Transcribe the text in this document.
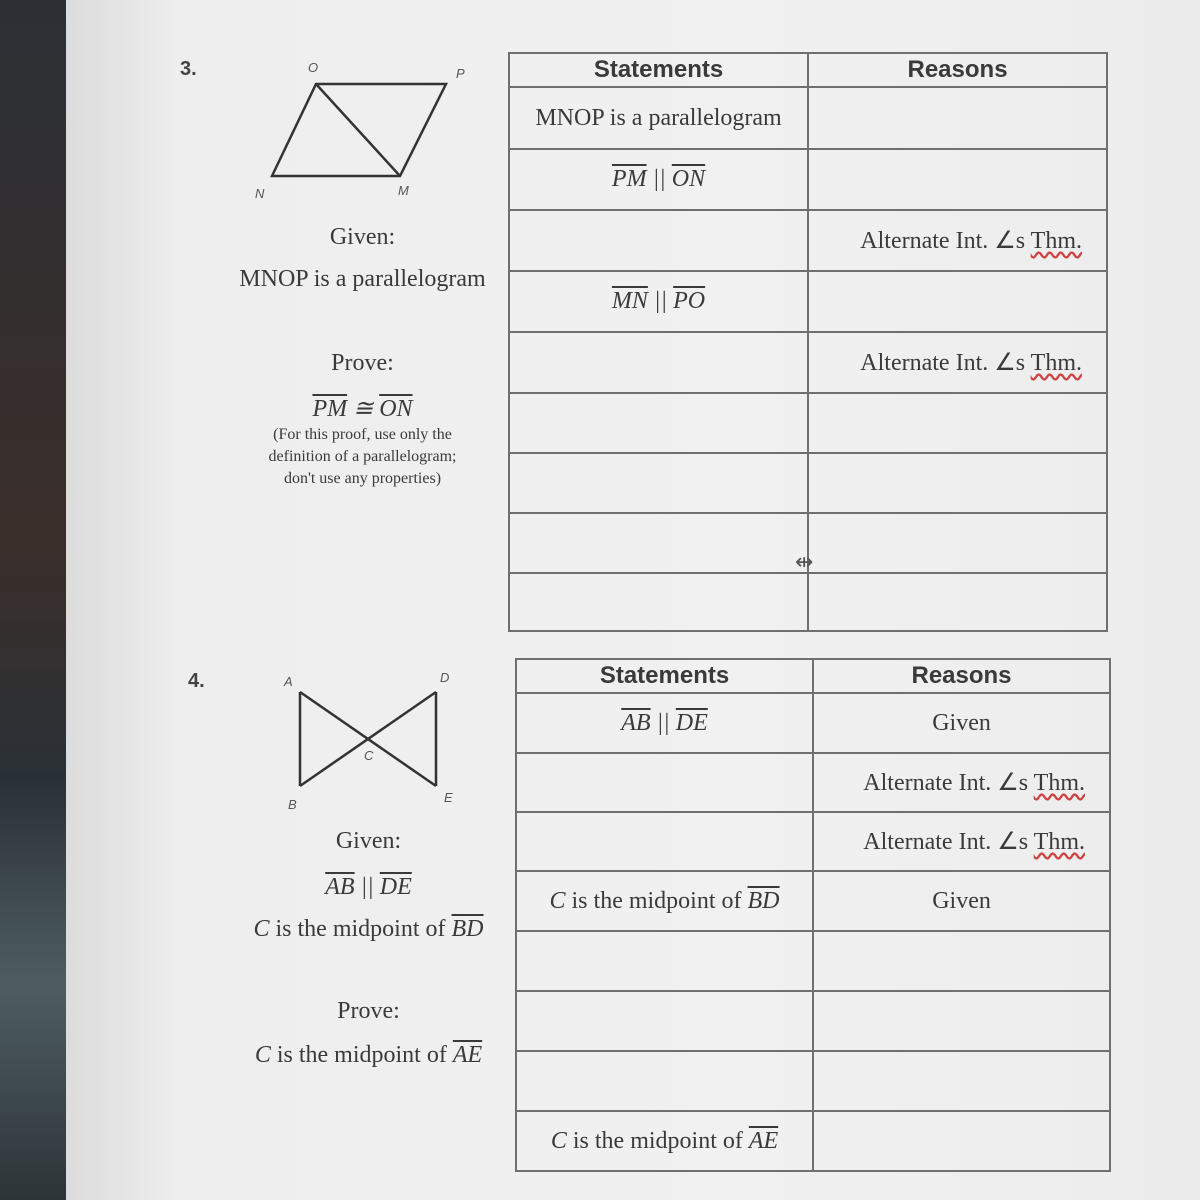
3.	O	P
N	M
Given:
MNOP is a parallelogram
Prove:
$\overline{PM}$ ≅ $\overline{ON}$
(For this proof, use only the
definition of a parallelogram;
don't use any properties)
Statements	Reasons
MNOP is a parallelogram	
$\overline{PM}$ || $\overline{ON}$	

	Alternate Int. ∠s Thm.

$\overline{MN}$ || $\overline{PO}$	

	Alternate Int. ∠s Thm.

⇹
4.	A	D
C
B	E
Given:
$\overline{AB}$ || $\overline{DE}$
C is the midpoint of $\overline{BD}$
Prove:
C is the midpoint of $\overline{AE}$
Statements	Reasons
$\overline{AB}$ || $\overline{DE}$	Given

	Alternate Int. ∠s Thm.

	Alternate Int. ∠s Thm.

C is the midpoint of $\overline{BD}$	Given

C is the midpoint of $\overline{AE}$	
